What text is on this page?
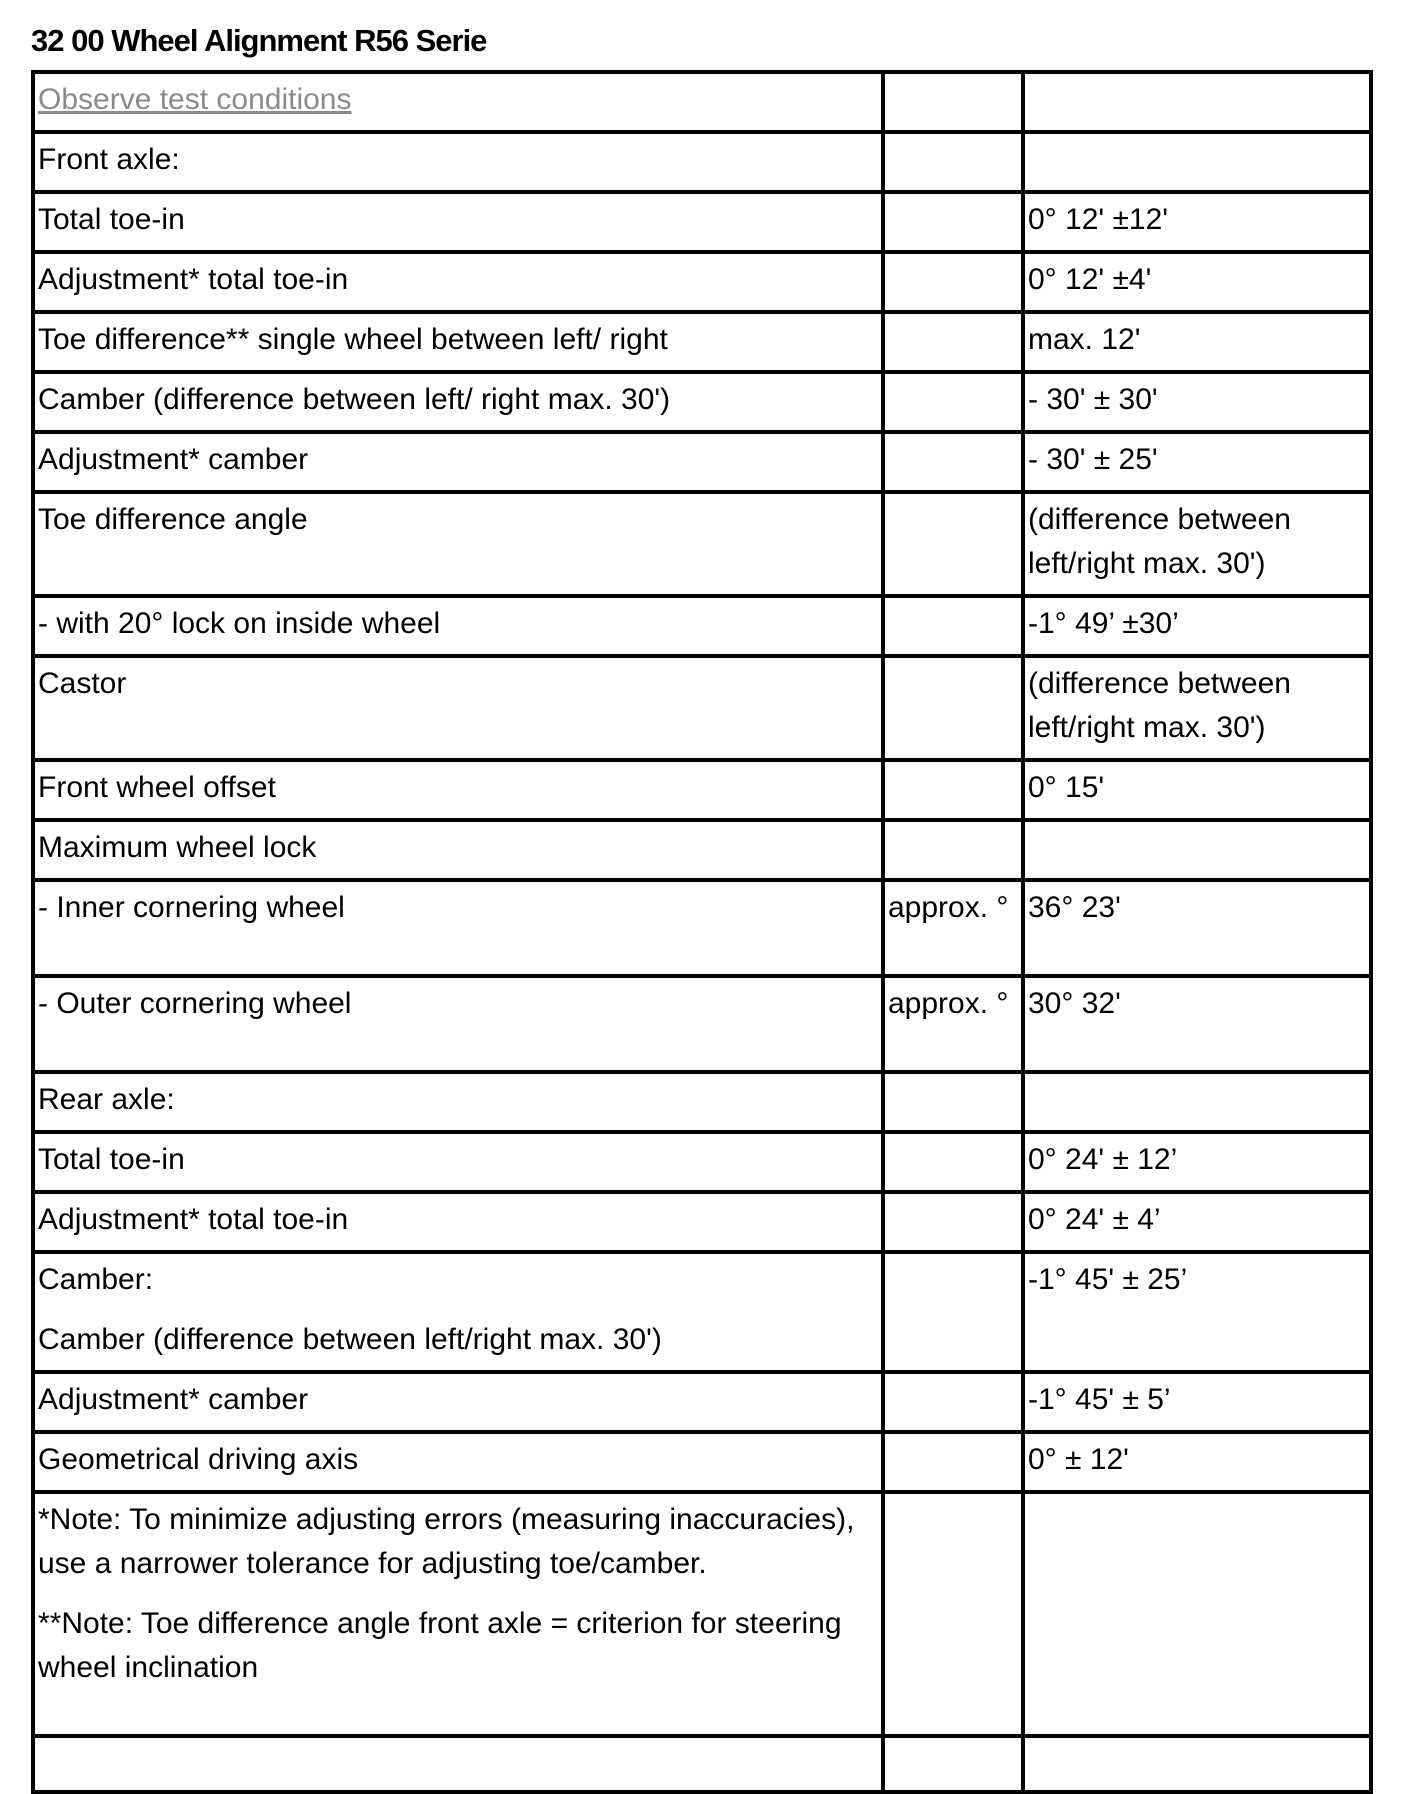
32 00 Wheel Alignment R56 Serie
Observe test conditions		
Front axle:		
Total toe-in		0° 12' ±12'
Adjustment* total toe-in		0° 12' ±4'
Toe difference** single wheel between left/ right		max. 12'
Camber (difference between left/ right max. 30')		- 30' ± 30'
Adjustment* camber		- 30' ± 25'
Toe difference angle		(difference between left/right max. 30')
- with 20° lock on inside wheel		-1° 49’ ±30’
Castor		(difference between left/right max. 30')
Front wheel offset		0° 15'
Maximum wheel lock		
- Inner cornering wheel	approx. °	36° 23'
- Outer cornering wheel	approx. °	30° 32'
Rear axle:		
Total toe-in		0° 24' ± 12’
Adjustment* total toe-in		0° 24' ± 4’

Camber:
Camber (difference between left/right max. 30')		-1° 45' ± 25’
Adjustment* camber		-1° 45' ± 5’
Geometrical driving axis		0° ± 12'

*Note: To minimize adjusting errors (measuring inaccuracies), use a narrower tolerance for adjusting toe/camber.
**Note: Toe difference angle front axle = criterion for steering wheel inclination		
